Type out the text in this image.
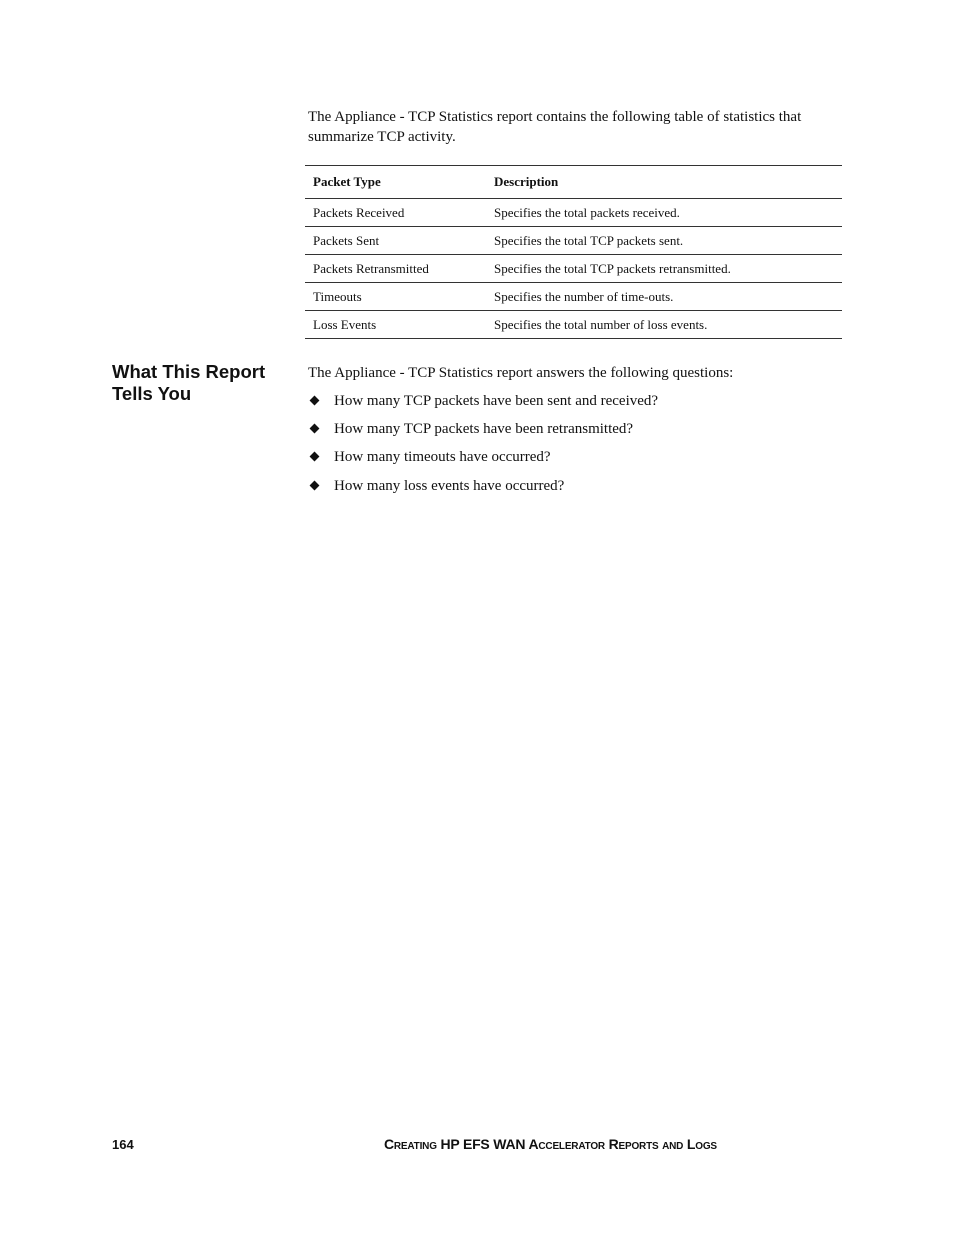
The Appliance - TCP Statistics report contains the following table of statistics that summarize TCP activity.

Packet Type	Description
Packets Received	Specifies the total packets received.
Packets Sent	Specifies the total TCP packets sent.
Packets Retransmitted	Specifies the total TCP packets retransmitted.
Timeouts	Specifies the number of time-outs.
Loss Events	Specifies the total number of loss events.
What This Report Tells You

The Appliance - TCP Statistics report answers the following questions:

How many TCP packets have been sent and received?
How many TCP packets have been retransmitted?
How many timeouts have occurred?
How many loss events have occurred?

164	Creating HP EFS WAN Accelerator Reports and Logs
